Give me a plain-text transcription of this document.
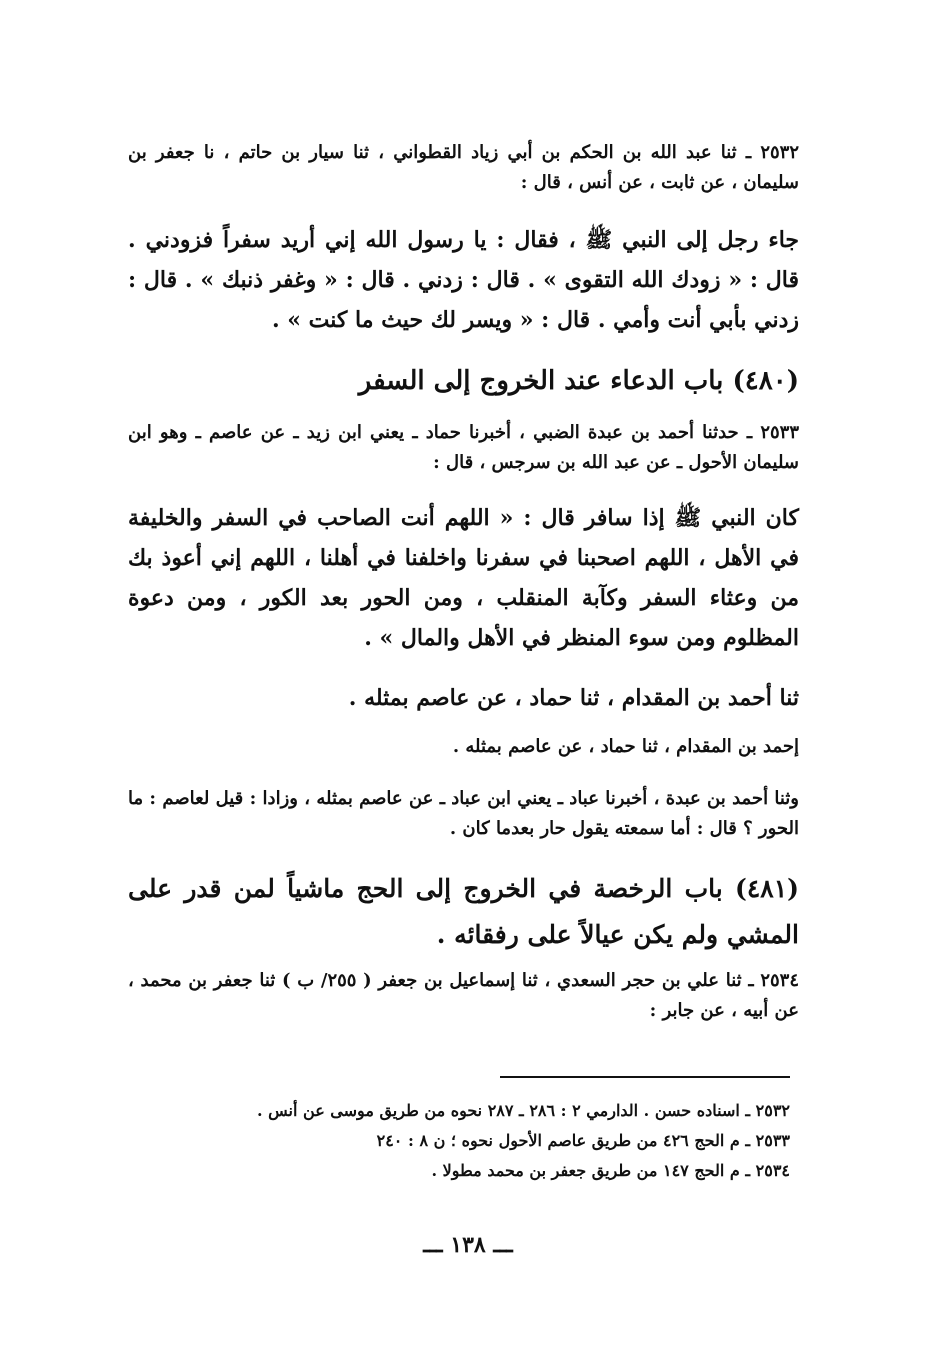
٢٥٣٢ ـ ثنا عبد الله بن الحكم بن أبي زياد القطواني ، ثنا سيار بن حاتم ، نا جعفر بن سليمان ، عن ثابت ، عن أنس ، قال :

جاء رجل إلى النبي ﷺ ، فقال : يا رسول الله إني أريد سفراً فزودني . قال : « زودك الله التقوى » . قال : زدني . قال : « وغفر ذنبك » . قال : زدني بأبي أنت وأمي . قال : « ويسر لك حيث ما كنت » .

(٤٨٠) باب الدعاء عند الخروج إلى السفر

٢٥٣٣ ـ حدثنا أحمد بن عبدة الضبي ، أخبرنا حماد ـ يعني ابن زيد ـ عن عاصم ـ وهو ابن سليمان الأحول ـ عن عبد الله بن سرجس ، قال :

كان النبي ﷺ إذا سافر قال : « اللهم أنت الصاحب في السفر والخليفة في الأهل ، اللهم اصحبنا في سفرنا واخلفنا في أهلنا ، اللهم إني أعوذ بك من وعثاء السفر وكآبة المنقلب ، ومن الحور بعد الكور ، ومن دعوة المظلوم ومن سوء المنظر في الأهل والمال » .

ثنا أحمد بن المقدام ، ثنا حماد ، عن عاصم بمثله .

إحمد بن المقدام ، ثنا حماد ، عن عاصم بمثله .

وثنا أحمد بن عبدة ، أخبرنا عباد ـ يعني ابن عباد ـ عن عاصم بمثله ، وزادا : قيل لعاصم : ما الحور ؟ قال : أما سمعته يقول حار بعدما كان .

(٤٨١) باب الرخصة في الخروج إلى الحج ماشياً لمن قدر على المشي ولم يكن عيالاً على رفقائه .

٢٥٣٤ ـ ثنا علي بن حجر السعدي ، ثنا إسماعيل بن جعفر ( ٢٥٥/ ب ) ثنا جعفر بن محمد ، عن أبيه ، عن جابر :

٢٥٣٢ ـ اسناده حسن . الدارمي ٢ : ٢٨٦ ـ ٢٨٧ نحوه من طريق موسى عن أنس .
٢٥٣٣ ـ م الحج ٤٢٦ من طريق عاصم الأحول نحوه ؛ ن ٨ : ٢٤٠
٢٥٣٤ ـ م الحج ١٤٧ من طريق جعفر بن محمد مطولا .
ـــ ١٣٨ ـــ
